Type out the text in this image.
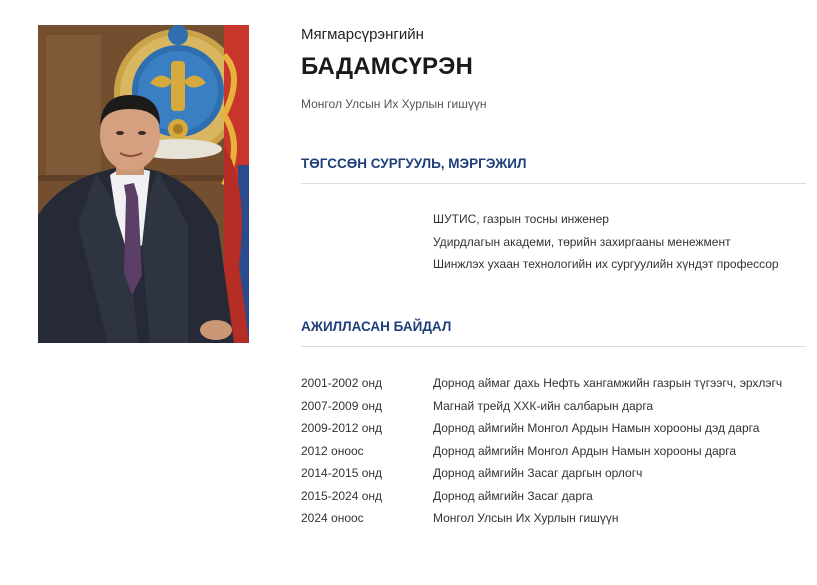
Мягмарсүрэнгийн
БАДАМСҮРЭН
Монгол Улсын Их Хурлын гишүүн
ТӨГССӨН СУРГУУЛЬ, МЭРГЭЖИЛ
ШУТИС, газрын тосны инженер
Удирдлагын академи, төрийн захиргааны менежмент
Шинжлэх ухаан технологийн их сургуулийн хүндэт профессор
АЖИЛЛАСАН БАЙДАЛ
2001-2002 онд	Дорнод аймаг дахь Нефть хангамжийн газрын түгээгч, эрхлэгч
2007-2009 онд	Магнай трейд ХХК-ийн салбарын дарга
2009-2012 онд	Дорнод аймгийн Монгол Ардын Намын хорооны дэд дарга
2012 оноос	Дорнод аймгийн Монгол Ардын Намын хорооны дарга
2014-2015 онд	Дорнод аймгийн Засаг даргын орлогч
2015-2024 онд	Дорнод аймгийн Засаг дарга
2024 оноос	Монгол Улсын Их Хурлын гишүүн
